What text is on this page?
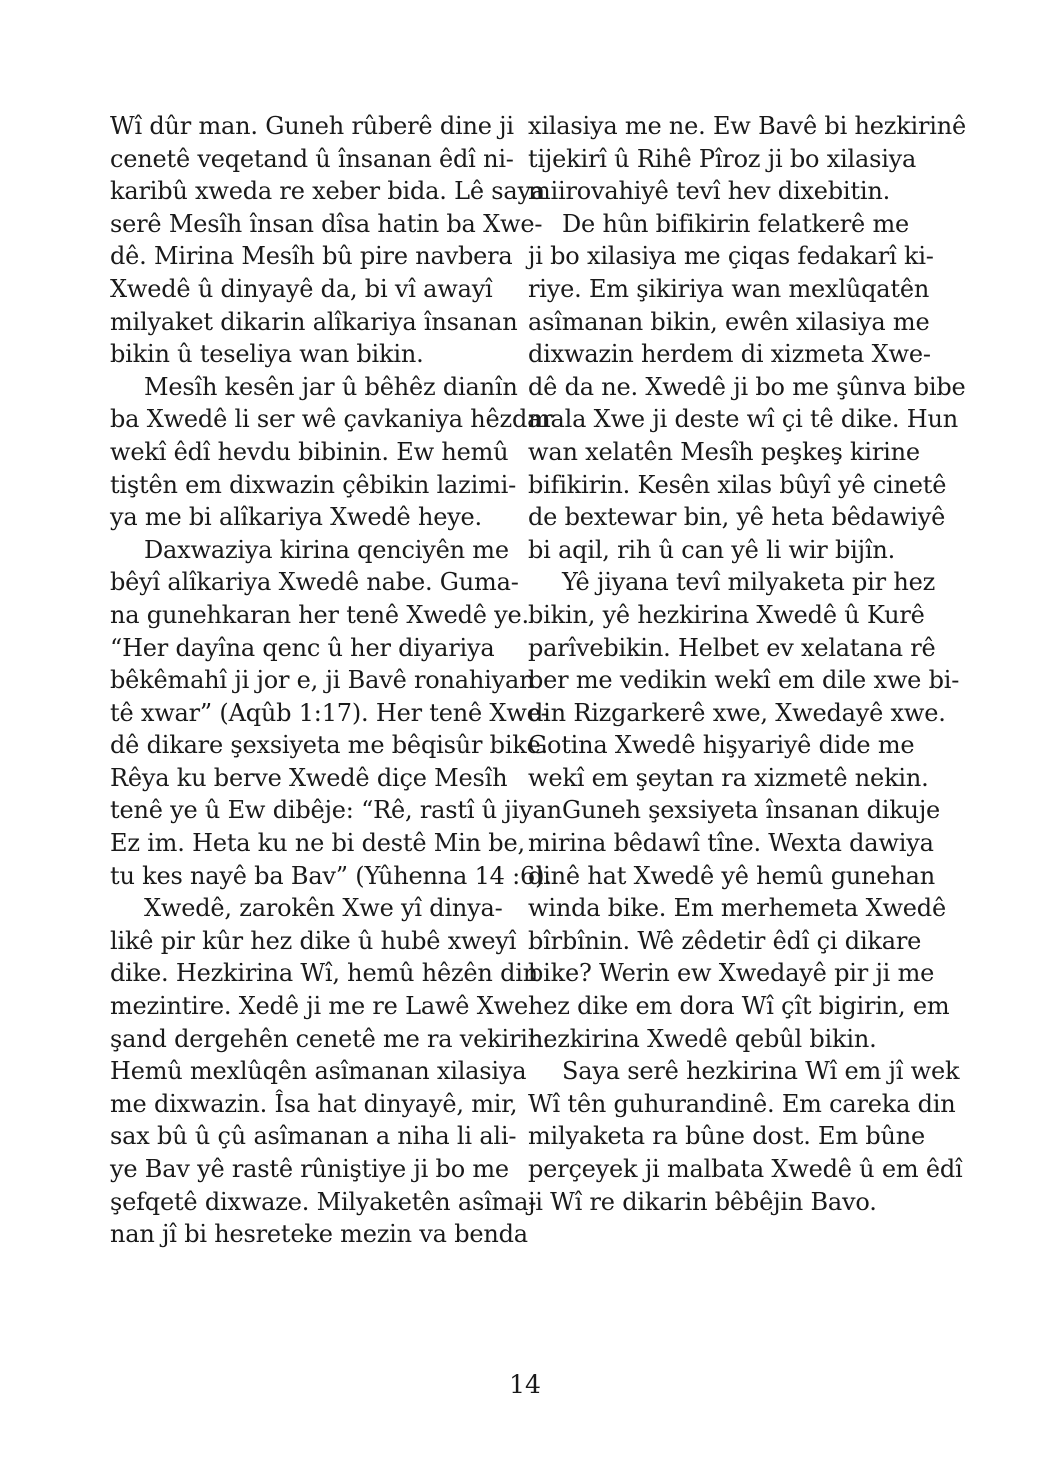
Wî dûr man. Guneh rûberê dine ji
cenetê veqetand û însanan êdî ni-
karibû xweda re xeber bida. Lê saya
serê Mesîh însan dîsa hatin ba Xwe-
dê. Mirina Mesîh bû pire navbera
Xwedê û dinyayê da, bi vî awayî
milyaket dikarin alîkariya însanan
bikin û teseliya wan bikin.
Mesîh kesên jar û bêhêz dianîn
ba Xwedê li ser wê çavkaniya hêzdar
wekî êdî hevdu bibinin. Ew hemû
tiştên em dixwazin çêbikin lazimi-
ya me bi alîkariya Xwedê heye.
Daxwaziya kirina qenciyên me
bêyî alîkariya Xwedê nabe. Guma-
na gunehkaran her tenê Xwedê ye.
“Her dayîna qenc û her diyariya
bêkêmahî ji jor e, ji Bavê ronahiyan
tê xwar” (Aqûb 1:17). Her tenê Xwe-
dê dikare şexsiyeta me bêqisûr bike.
Rêya ku berve Xwedê diçe Mesîh
tenê ye û Ew dibêje: “Rê, rastî û jiyan
Ez im. Heta ku ne bi destê Min be,
tu kes nayê ba Bav” (Yûhenna 14 :6).
Xwedê, zarokên Xwe yî dinya-
likê pir kûr hez dike û hubê xweyî
dike. Hezkirina Wî, hemû hêzên din
mezintire. Xedê ji me re Lawê Xwe
şand dergehên cenetê me ra vekirin.
Hemû mexlûqên asîmanan xilasiya
me dixwazin. Îsa hat dinyayê, mir,
sax bû û çû asîmanan a niha li ali-
ye Bav yê rastê rûniştiye ji bo me
şefqetê dixwaze. Milyaketên asîma-
nan jî bi hesreteke mezin va benda
xilasiya me ne. Ew Bavê bi hezkirinê
tijekirî û Rihê Pîroz ji bo xilasiya
miirovahiyê tevî hev dixebitin.
De hûn bifikirin felatkerê me
ji bo xilasiya me çiqas fedakarî ki-
riye. Em şikiriya wan mexlûqatên
asîmanan bikin, ewên xilasiya me
dixwazin herdem di xizmeta Xwe-
dê da ne. Xwedê ji bo me şûnva bibe
mala Xwe ji deste wî çi tê dike. Hun
wan xelatên Mesîh peşkeş kirine
bifikirin. Kesên xilas bûyî yê cinetê
de bextewar bin, yê heta bêdawiyê
bi aqil, rih û can yê li wir bijîn.
Yê jiyana tevî milyaketa pir hez
bikin, yê hezkirina Xwedê û Kurê
parîvebikin. Helbet ev xelatana rê
ber me vedikin wekî em dile xwe bi-
din Rizgarkerê xwe, Xwedayê xwe.
Gotina Xwedê hişyariyê dide me
wekî em şeytan ra xizmetê nekin.
Guneh şexsiyeta însanan dikuje
mirina bêdawî tîne. Wexta dawiya
dinê hat Xwedê yê hemû gunehan
winda bike. Em merhemeta Xwedê
bîrbînin. Wê zêdetir êdî çi dikare
bike? Werin ew Xwedayê pir ji me
hez dike em dora Wî çît bigirin, em
hezkirina Xwedê qebûl bikin.
Saya serê hezkirina Wî em jî wek
Wî tên guhurandinê. Em careka din
milyaketa ra bûne dost. Em bûne
perçeyek ji malbata Xwedê û em êdî
ji Wî re dikarin bêbêjin Bavo.
14
